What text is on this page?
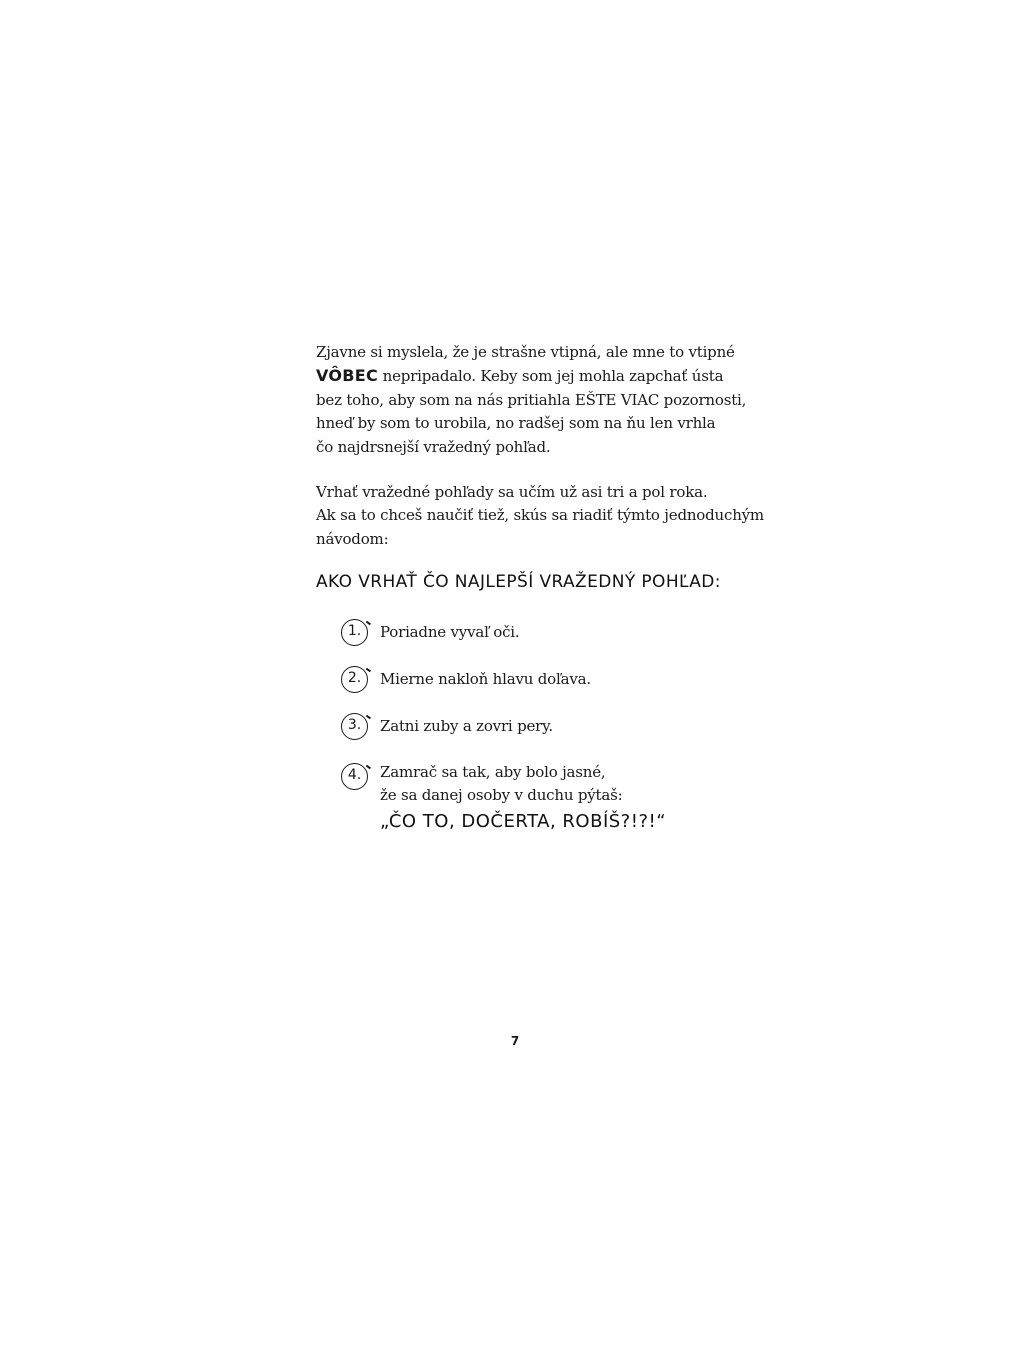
Zjavne si myslela, že je strašne vtipná, ale mne to vtipné
VÔBEC nepripadalo. Keby som jej mohla zapchať ústa
bez toho, aby som na nás pritiahla EŠTE VIAC pozornosti,
hneď by som to urobila, no radšej som na ňu len vrhla
čo najdrsnejší vražedný pohľad.
Vrhať vražedné pohľady sa učím už asi tri a pol roka.
Ak sa to chceš naučiť tiež, skús sa riadiť týmto jednoduchým
návodom:
AKO VRHAŤ ČO NAJLEPŠÍ VRAŽEDNÝ POHĽAD:
1.	Poriadne vyvaľ oči.
2.	Mierne nakloň hlavu doľava.
3.	Zatni zuby a zovri pery.
4.	Zamrač sa tak, aby bolo jasné,
že sa danej osoby v duchu pýtaš:
„ČO TO, DOČERTA, ROBÍŠ?!?!“
7
